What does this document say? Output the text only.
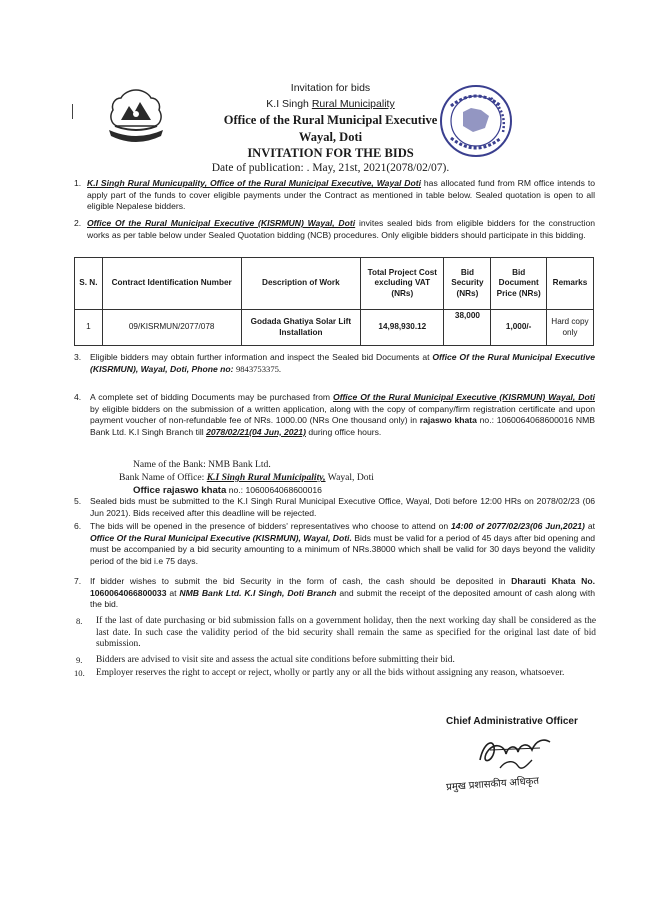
Invitation for bids
K.I Singh Rural Municipality
Office of the Rural Municipal Executive
Wayal, Doti
INVITATION FOR THE BIDS
Date of publication: . May, 21st, 2021(2078/02/07).
1. K.I Singh Rural Municupality, Office of the Rural Municipal Executive, Wayal Doti has allocated fund from RM office intends to apply part of the funds to cover eligible payments under the Contract as mentioned in table below. Sealed quotation is open to all eligible Nepalese bidders.
2. Office Of the Rural Municipal Executive (KISRMUN) Wayal, Doti invites sealed bids from eligible bidders for the construction works as per table below under Sealed Quotation bidding (NCB) procedures. Only eligible bidders should participate in this bidding.
S. N.	Contract Identification Number	Description of Work	Total Project Cost excluding VAT (NRs)	Bid Security (NRs)	Bid Document Price (NRs)	Remarks
1	09/KISRMUN/2077/078	Godada Ghatiya Solar Lift Installation	14,98,930.12	38,000	1,000/-	Hard copy only
3. Eligible bidders may obtain further information and inspect the Sealed bid Documents at Office Of the Rural Municipal Executive (KISRMUN), Wayal, Doti, Phone no: 9843753375.
4. A complete set of bidding Documents may be purchased from Office Of the Rural Municipal Executive (KISRMUN) Wayal, Doti by eligible bidders on the submission of a written application, along with the copy of company/firm registration certificate and upon payment voucher of non-refundable fee of NRs. 1000.00 (NRs One thousand only) in rajaswo khata no.: 1060064068600016 NMB Bank Ltd. K.I Singh Branch till 2078/02/21(04 Jun, 2021) during office hours.
Name of the Bank: NMB Bank Ltd.
Bank Name of Office: K.I Singh Rural Municipality, Wayal, Doti
Office rajaswo khata no.: 1060064068600016
5. Sealed bids must be submitted to the K.I Singh Rural Municipal Executive Office, Wayal, Doti before 12:00 HRs on 2078/02/23 (06 Jun 2021). Bids received after this deadline will be rejected.
6. The bids will be opened in the presence of bidders' representatives who choose to attend on 14:00 of 2077/02/23(06 Jun,2021) at Office Of the Rural Municipal Executive (KISRMUN), Wayal, Doti. Bids must be valid for a period of 45 days after bid opening and must be accompanied by a bid security amounting to a minimum of NRs.38000 which shall be valid for 30 days beyond the validity period of the bid i.e 75 days.
7. If bidder wishes to submit the bid Security in the form of cash, the cash should be deposited in Dharauti Khata No. 1060064066800033 at NMB Bank Ltd. K.I Singh, Doti Branch and submit the receipt of the deposited amount of cash along with the bid.
8. If the last of date purchasing or bid submission falls on a government holiday, then the next working day shall be considered as the last date. In such case the validity period of the bid security shall remain the same as specified for the original last date of bid submission.
9. Bidders are advised to visit site and assess the actual site conditions before submitting their bid.
10. Employer reserves the right to accept or reject, wholly or partly any or all the bids without assigning any reason, whatsoever.
Chief Administrative Officer
प्रमुख प्रशासकीय अधिकृत
